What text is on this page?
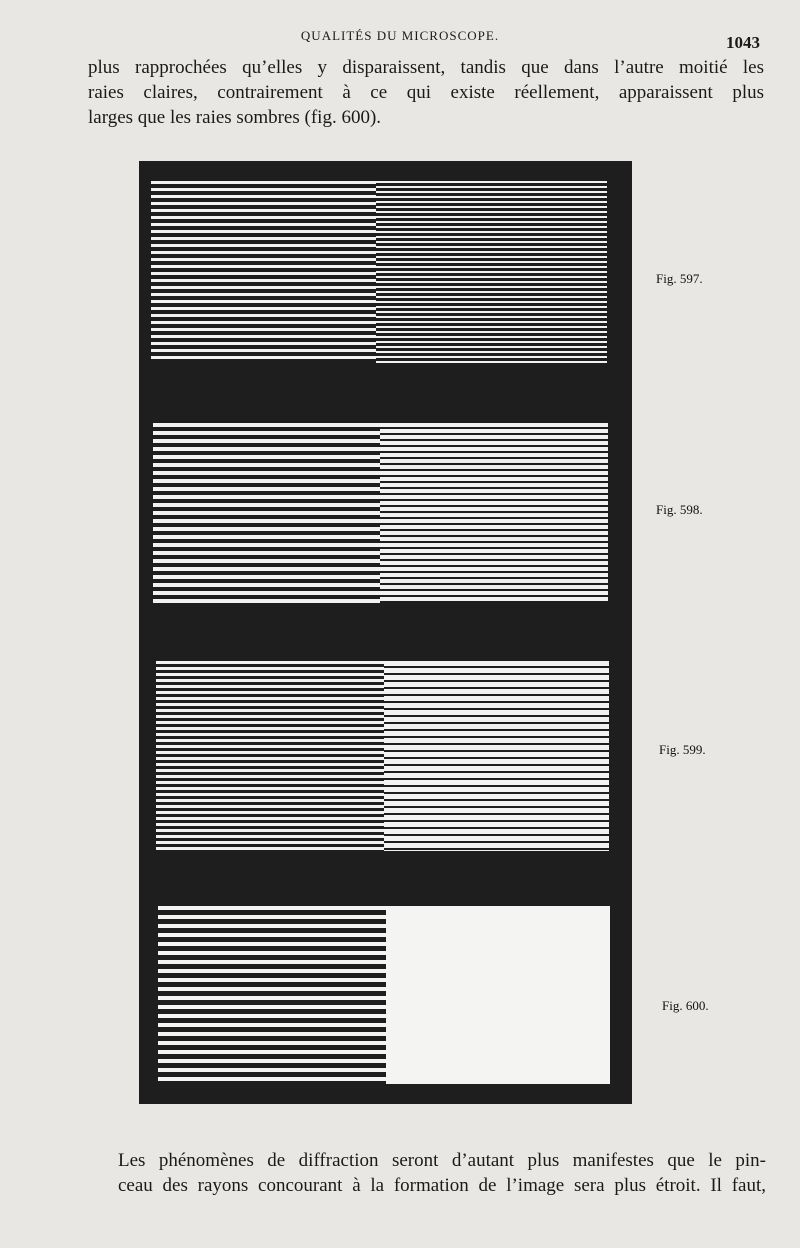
QUALITÉS DU MICROSCOPE.	1043
plus rapprochées qu’elles y disparaissent, tandis que dans l’autre moitié les
raies claires, contrairement à ce qui existe réellement, apparaissent plus
larges que les raies sombres (fig. 600).
Fig. 597.
Fig. 598.
Fig. 599.
Fig. 600.
Les phénomènes de diffraction seront d’autant plus manifestes que le pin-
ceau des rayons concourant à la formation de l’image sera plus étroit. Il faut,
